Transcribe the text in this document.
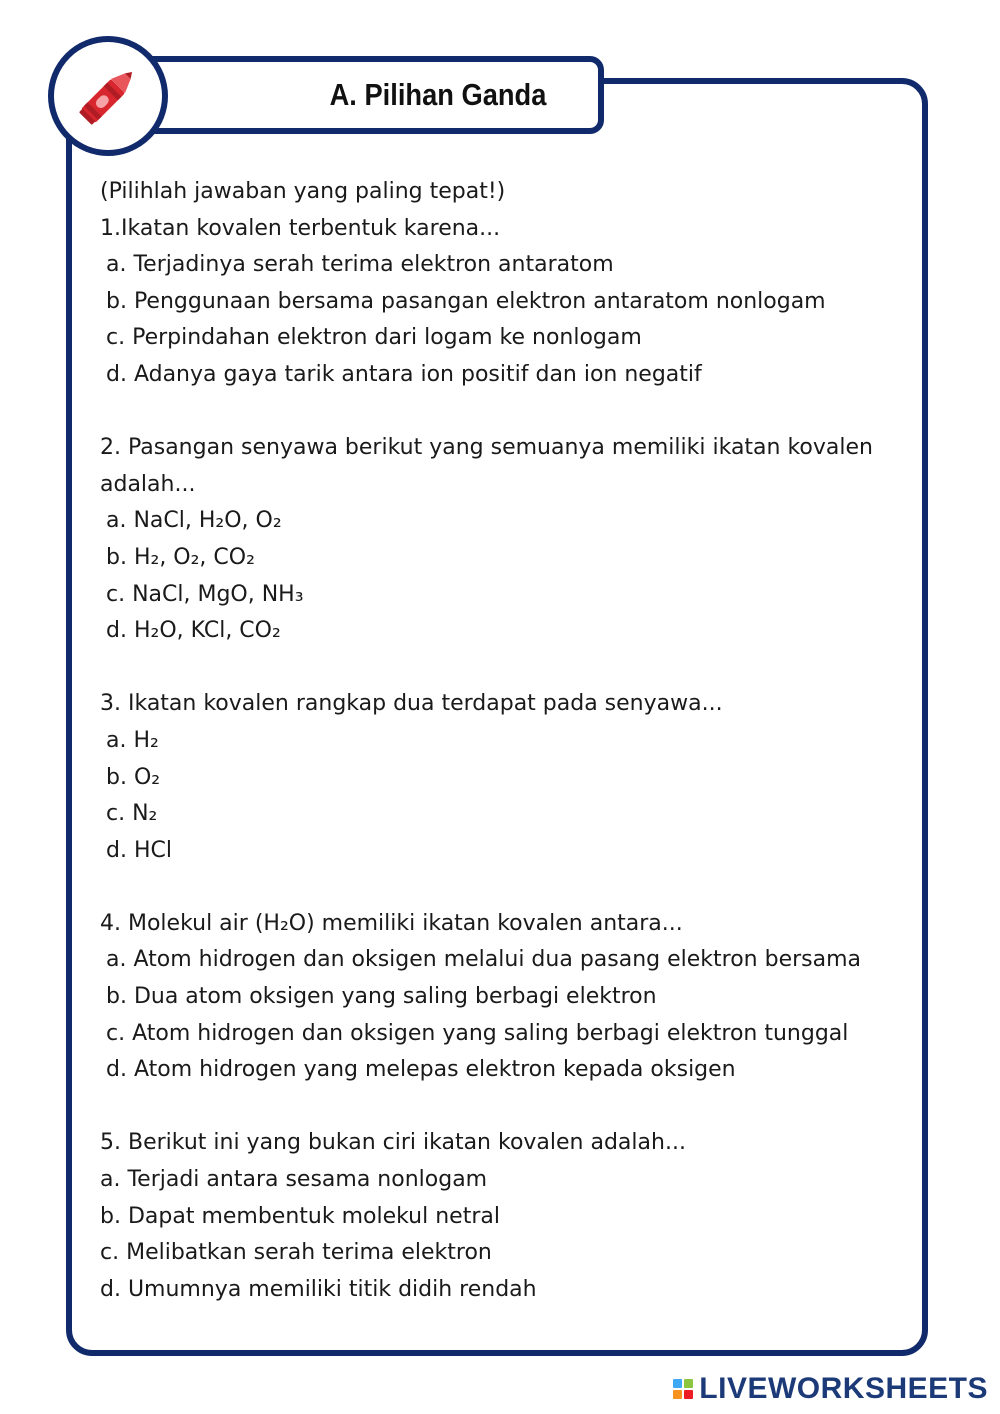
A. Pilihan Ganda
(Pilihlah jawaban yang paling tepat!)
1.Ikatan kovalen terbentuk karena...
a. Terjadinya serah terima elektron antaratom
b. Penggunaan bersama pasangan elektron antaratom nonlogam
c. Perpindahan elektron dari logam ke nonlogam
d. Adanya gaya tarik antara ion positif dan ion negatif
2. Pasangan senyawa berikut yang semuanya memiliki ikatan kovalen
adalah...
a. NaCl, H₂O, O₂
b. H₂, O₂, CO₂
c. NaCl, MgO, NH₃
d. H₂O, KCl, CO₂
3. Ikatan kovalen rangkap dua terdapat pada senyawa...
a. H₂
b. O₂
c. N₂
d. HCl
4. Molekul air (H₂O) memiliki ikatan kovalen antara...
a. Atom hidrogen dan oksigen melalui dua pasang elektron bersama
b. Dua atom oksigen yang saling berbagi elektron
c. Atom hidrogen dan oksigen yang saling berbagi elektron tunggal
d. Atom hidrogen yang melepas elektron kepada oksigen
5. Berikut ini yang bukan ciri ikatan kovalen adalah...
a. Terjadi antara sesama nonlogam
b. Dapat membentuk molekul netral
c. Melibatkan serah terima elektron
d. Umumnya memiliki titik didih rendah
LIVEWORKSHEETS
